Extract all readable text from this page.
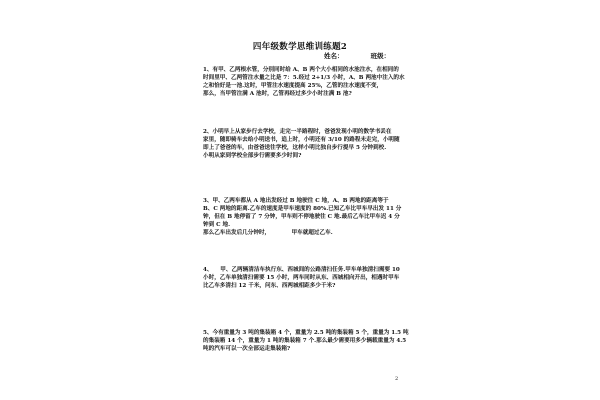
四年级数学思维训练题2
姓名：	班级：
1、有甲、乙两根水管，分别同时给 A、B 两个大小相同的水池注水，在相同的
时间里甲、乙两管注水量之比是 7：5.经过 2+1/3 小时，A、B 两池中注入的水
之和恰好是一池.这时，甲管注水速度提高 25%，乙管的注水速度不变，
那么，当甲管注满 A 池时，乙管再经过多少小时注满 B 池?
2、小明早上从家步行去学校，走完一半路程时，爸爸发现小明的数学书丢在
家里，随即骑车去给小明送书，追上时，小明还有 3/10 的路程未走完，小明随
即上了爸爸的车，由爸爸送往学校，这样小明比独自步行提早 5 分钟到校.
小明从家到学校全部步行需要多少时间?
3、甲、乙两车都从 A 地出发经过 B 地驶往 C 地，A、B 两地的距离等于
B、C 两地的距离.乙车的速度是甲车速度的 80%.已知乙车比甲车早出发 11 分
钟，但在 B 地停留了 7 分钟，甲车则不停地驶往 C 地.最后乙车比甲车迟 4 分
钟到 C 地.
那么乙车出发后几分钟时，           甲车就超过乙车.
4、    甲、乙两辆清洁车执行东、西城间的公路清扫任务.甲车单独清扫需要 10
小时，乙车单独清扫需要 15 小时，两车同时从东、西城相向开出，相遇时甲车
比乙车多清扫 12 千米，问东、西两城相距多少千米?
5、今有重量为 3 吨的集装箱 4 个，重量为 2.5 吨的集装箱 5 个，重量为 1.5 吨
的集装箱 14 个，重量为 1 吨的集装箱 7 个.那么最少需要用多少辆载重量为 4.5
吨的汽车可以一次全部运走集装箱?
2
